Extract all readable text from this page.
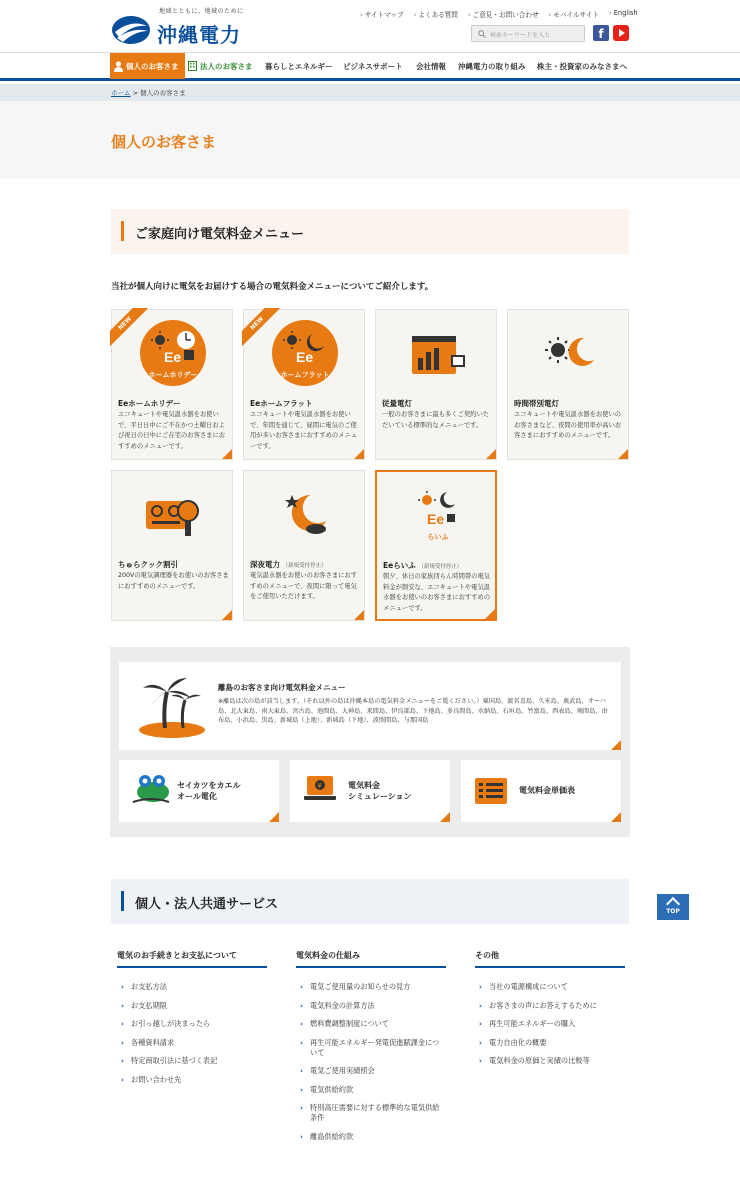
地域とともに、地域のために
沖縄電力
› サイトマップ	› よくある質問	› ご意見・お問い合わせ	› モバイルサイト	› English
検索キーワードを入力	f
個人のお客さま	法人のお客さま 暮らしとエネルギー ビジネスサポート 会社情報 沖縄電力の取り組み 株主・投資家のみなさまへ
ホーム > 個人のお客さま
個人のお客さま
ご家庭向け電気料金メニュー
当社が個人向けに電気をお届けする場合の電気料金メニューについてご紹介します。
NEW
Ee
ホームホリデー
Eeホームホリデー
エコキュートや電気温水器をお使いで、平日日中にご不在かつ土曜日および祝日の日中にご在宅のお客さまにおすすめのメニューです。
NEW
Ee
ホームフラット
Eeホームフラット
エコキュートや電気温水器をお使いで、年間を通じて、昼間に電気のご使用が多いお客さまにおすすめのメニューです。
従量電灯
一般のお客さまに最も多くご契約いただいている標準的なメニューです。
時間帯別電灯
エコキュートや電気温水器をお使いのお客さまなど、夜間の使用率が高いお客さまにおすすめのメニューです。
ちゅらクック割引
200Vの電気調理器をお使いのお客さまにおすすめのメニューです。
深夜電力 （新規受付停止）
電気温水器をお使いのお客さまにおすすめのメニューで、夜間に限って電気をご使用いただけます。
Ee
らいふ
Eeらいふ （新規受付停止）
朝夕、休日の家族団らん時間帯の電気料金が割安な、エコキュートや電気温水器をお使いのお客さまにおすすめのメニューです。
離島のお客さま向け電気料金メニュー
※離島は次の島が該当します。（それ以外の島は沖縄本島の電気料金メニューをご覧ください。）粟国島、渡名喜島、久米島、奥武島、オーハ島、北大東島、南大東島、宮古島、池間島、大神島、来間島、伊良部島、下地島、多良間島、水納島、石垣島、竹富島、西表島、鳩間島、由布島、小浜島、黒島、新城島（上地）、新城島（下地）、波照間島、与那国島
セイカツをカエル
オール電化
¥	電気料金
シミュレーション
電気料金単価表
個人・法人共通サービス
電気のお手続きとお支払について
› お支払方法
› お支払期限
› お引っ越しが決まったら
› 各種資料請求
› 特定商取引法に基づく表記
› お問い合わせ先
電気料金の仕組み
› 電気ご使用量のお知らせの見方
› 電気料金の計算方法
› 燃料費調整制度について
› 再生可能エネルギー発電促進賦課金について
› 電気ご使用実績照会
› 電気供給約款
› 特別高圧需要に対する標準的な電気供給条件
› 離島供給約款
その他
› 当社の電源構成について
› お客さまの声にお答えするために
› 再生可能エネルギーの購入
› 電力自由化の概要
› 電気料金の原価と実績の比較等
TOP
